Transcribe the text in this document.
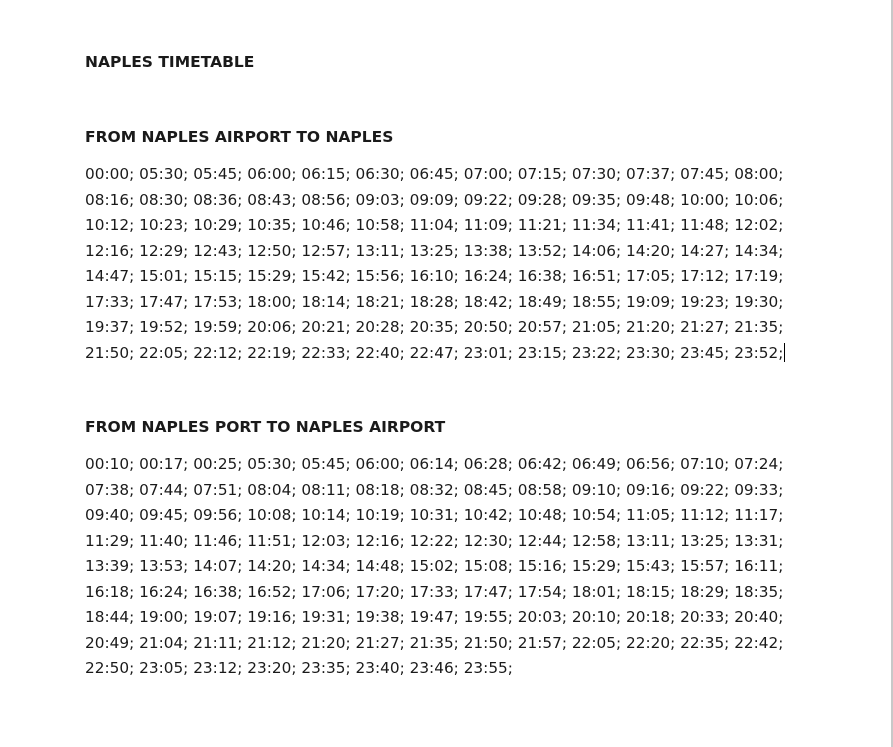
NAPLES TIMETABLE
FROM NAPLES AIRPORT TO NAPLES
00:00; 05:30; 05:45; 06:00; 06:15; 06:30; 06:45; 07:00; 07:15; 07:30; 07:37; 07:45; 08:00;
08:16; 08:30; 08:36; 08:43; 08:56; 09:03; 09:09; 09:22; 09:28; 09:35; 09:48; 10:00; 10:06;
10:12; 10:23; 10:29; 10:35; 10:46; 10:58; 11:04; 11:09; 11:21; 11:34; 11:41; 11:48; 12:02;
12:16; 12:29; 12:43; 12:50; 12:57; 13:11; 13:25; 13:38; 13:52; 14:06; 14:20; 14:27; 14:34;
14:47; 15:01; 15:15; 15:29; 15:42; 15:56; 16:10; 16:24; 16:38; 16:51; 17:05; 17:12; 17:19;
17:33; 17:47; 17:53; 18:00; 18:14; 18:21; 18:28; 18:42; 18:49; 18:55; 19:09; 19:23; 19:30;
19:37; 19:52; 19:59; 20:06; 20:21; 20:28; 20:35; 20:50; 20:57; 21:05; 21:20; 21:27; 21:35;
21:50; 22:05; 22:12; 22:19; 22:33; 22:40; 22:47; 23:01; 23:15; 23:22; 23:30; 23:45; 23:52;
FROM NAPLES PORT TO NAPLES AIRPORT
00:10; 00:17; 00:25; 05:30; 05:45; 06:00; 06:14; 06:28; 06:42; 06:49; 06:56; 07:10; 07:24;
07:38; 07:44; 07:51; 08:04; 08:11; 08:18; 08:32; 08:45; 08:58; 09:10; 09:16; 09:22; 09:33;
09:40; 09:45; 09:56; 10:08; 10:14; 10:19; 10:31; 10:42; 10:48; 10:54; 11:05; 11:12; 11:17;
11:29; 11:40; 11:46; 11:51; 12:03; 12:16; 12:22; 12:30; 12:44; 12:58; 13:11; 13:25; 13:31;
13:39; 13:53; 14:07; 14:20; 14:34; 14:48; 15:02; 15:08; 15:16; 15:29; 15:43; 15:57; 16:11;
16:18; 16:24; 16:38; 16:52; 17:06; 17:20; 17:33; 17:47; 17:54; 18:01; 18:15; 18:29; 18:35;
18:44; 19:00; 19:07; 19:16; 19:31; 19:38; 19:47; 19:55; 20:03; 20:10; 20:18; 20:33; 20:40;
20:49; 21:04; 21:11; 21:12; 21:20; 21:27; 21:35; 21:50; 21:57; 22:05; 22:20; 22:35; 22:42;
22:50; 23:05; 23:12; 23:20; 23:35; 23:40; 23:46; 23:55;
